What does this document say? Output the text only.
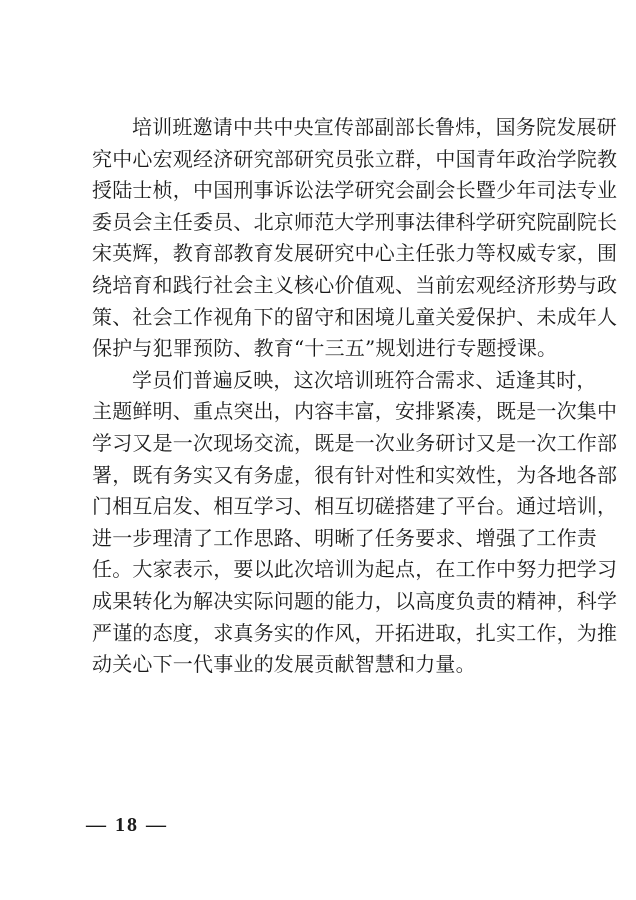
培训班邀请中共中央宣传部副部长鲁炜，国务院发展研
究中心宏观经济研究部研究员张立群，中国青年政治学院教
授陆士桢，中国刑事诉讼法学研究会副会长暨少年司法专业
委员会主任委员、北京师范大学刑事法律科学研究院副院长
宋英辉，教育部教育发展研究中心主任张力等权威专家，围
绕培育和践行社会主义核心价值观、当前宏观经济形势与政
策、社会工作视角下的留守和困境儿童关爱保护、未成年人
保护与犯罪预防、教育“十三五”规划进行专题授课。
学员们普遍反映，这次培训班符合需求、适逢其时，
主题鲜明、重点突出，内容丰富，安排紧凑，既是一次集中
学习又是一次现场交流，既是一次业务研讨又是一次工作部
署，既有务实又有务虚，很有针对性和实效性，为各地各部
门相互启发、相互学习、相互切磋搭建了平台。通过培训，
进一步理清了工作思路、明晰了任务要求、增强了工作责
任。大家表示，要以此次培训为起点，在工作中努力把学习
成果转化为解决实际问题的能力，以高度负责的精神，科学
严谨的态度，求真务实的作风，开拓进取，扎实工作，为推
动关心下一代事业的发展贡献智慧和力量。
— 18 —
